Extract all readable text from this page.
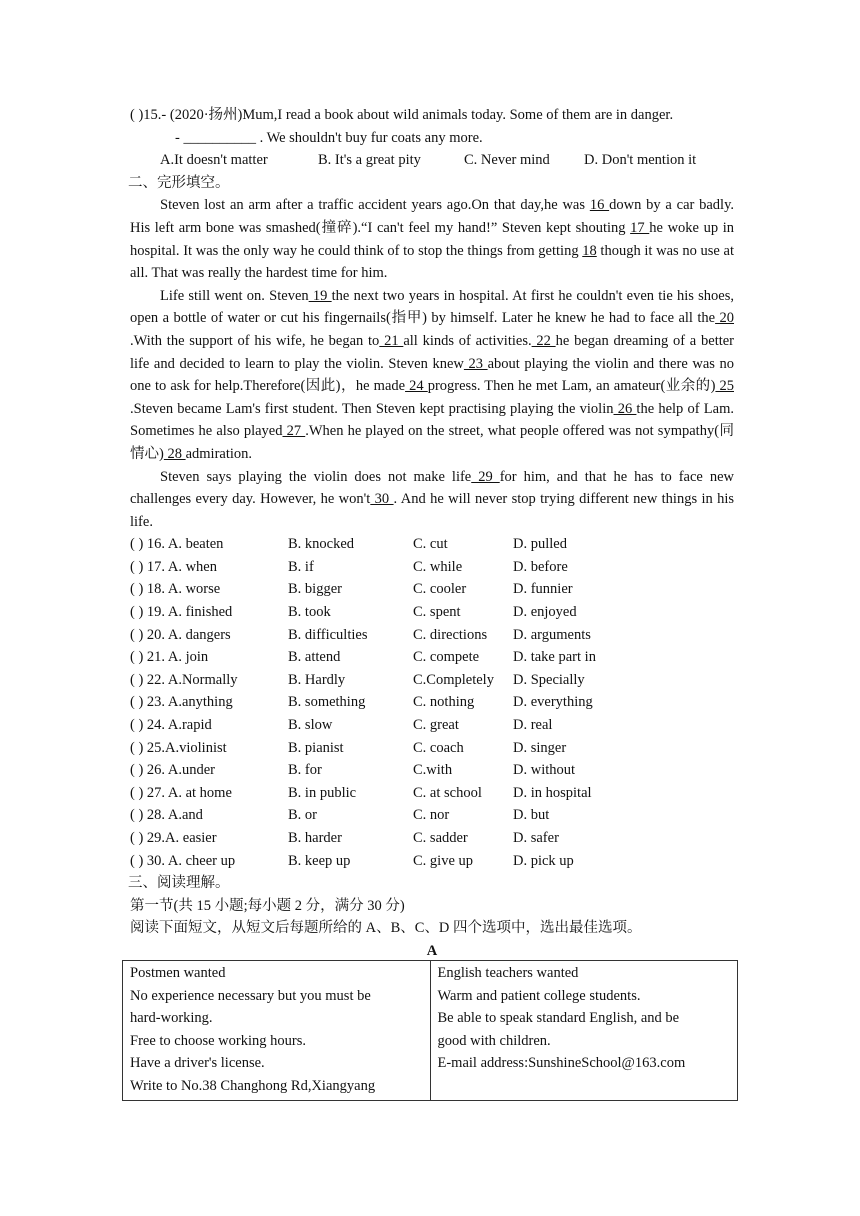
( )15.- (2020·扬州)Mum,I read a book about wild animals today. Some of them are in danger.

- __________ . We shouldn't buy fur coats any more.

A.It doesn't matter	B. It's a great pity	C. Never mind	D. Don't mention it

二、完形填空。

Steven lost an arm after a traffic accident years ago.On that day,he was 16 down by a car badly. His left arm bone was smashed(撞碎).“I can't feel my hand!” Steven kept shouting 17 he woke up in hospital. It was the only way he could think of to stop the things from getting 18 though it was no use at all. That was really the hardest time for him.

Life still went on. Steven 19 the next two years in hospital. At first he couldn't even tie his shoes, open a bottle of water or cut his fingernails(指甲) by himself. Later he knew he had to face all the 20 .With the support of his wife, he began to 21 all kinds of activities. 22 he began dreaming of a better life and decided to learn to play the violin. Steven knew 23 about playing the violin and there was no one to ask for help.Therefore(因此)，he made 24 progress. Then he met Lam, an amateur(业余的) 25 .Steven became Lam's first student. Then Steven kept practising playing the violin 26 the help of Lam. Sometimes he also played 27 .When he played on the street, what people offered was not sympathy(同情心) 28 admiration.

Steven says playing the violin does not make life 29 for him, and that he has to face new challenges every day. However, he won't 30 . And he will never stop trying different new things in his life.

( ) 16. A. beaten	B. knocked	C. cut	D. pulled
( ) 17. A. when	B. if	C. while	D. before
( ) 18. A. worse	B. bigger	C. cooler	D. funnier
( ) 19. A. finished	B. took	C. spent	D. enjoyed
( ) 20. A. dangers	B. difficulties	C. directions	D. arguments
( ) 21. A. join	B. attend	C. compete	D. take part in
( ) 22. A.Normally	B. Hardly	C.Completely	D. Specially
( ) 23. A.anything	B. something	C. nothing	D. everything
( ) 24. A.rapid	B. slow	C. great	D. real
( ) 25.A.violinist	B. pianist	C. coach	D. singer
( ) 26. A.under	B. for	C.with	D. without
( ) 27. A. at home	B. in public	C. at school	D. in hospital
( ) 28. A.and	B. or	C. nor	D. but
( ) 29.A. easier	B. harder	C. sadder	D. safer
( ) 30. A. cheer up	B. keep up	C. give up	D. pick up

三、阅读理解。

第一节(共 15 小题;每小题 2 分，满分 30 分)

阅读下面短文，从短文后每题所给的 A、B、C、D 四个选项中，选出最佳选项。

A

Postmen wanted
No experience necessary but you must be
hard-working.
Free to choose working hours.
Have a driver's license.
Write to No.38 Changhong Rd,Xiangyang

English teachers wanted
Warm and patient college students.
Be able to speak standard English, and be
good with children.
E-mail address:SunshineSchool@163.com
